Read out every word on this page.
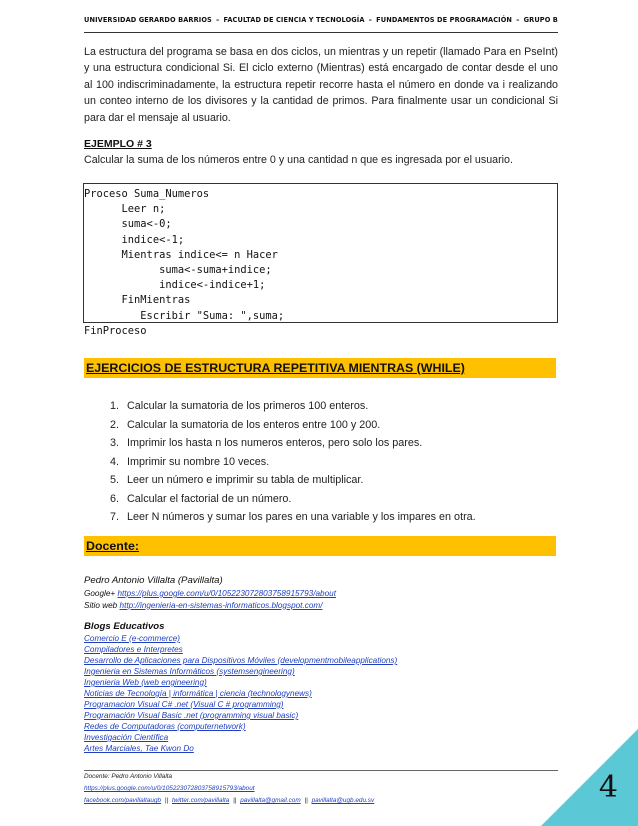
UNIVERSIDAD GERARDO BARRIOS – FACULTAD DE CIENCIA Y TECNOLOGÍA – FUNDAMENTOS DE PROGRAMACIÓN – GRUPO B

La estructura del programa se basa en dos ciclos, un mientras y un repetir (llamado Para en PseInt) y una estructura condicional Si. El ciclo externo (Mientras) está encargado de contar desde el uno al 100 indiscriminadamente, la estructura repetir recorre hasta el número en donde va i realizando un conteo interno de los divisores y la cantidad de primos. Para finalmente usar un condicional Si para dar el mensaje al usuario.

EJEMPLO # 3
Calcular la suma de los números entre 0 y una cantidad n que es ingresada por el usuario.
Proceso Suma_Numeros
Leer n;
suma<-0;
indice<-1;
Mientras indice<= n Hacer
suma<-suma+indice;
indice<-indice+1;
FinMientras
Escribir "Suma: ",suma;
FinProceso
EJERCICIOS DE ESTRUCTURA REPETITIVA MIENTRAS (WHILE)
1. Calcular la sumatoria de los primeros 100 enteros.
2. Calcular la sumatoria de los enteros entre 100 y 200.
3. Imprimir los hasta n los numeros enteros, pero solo los pares.
4. Imprimir su nombre 10 veces.
5. Leer un número e imprimir su tabla de multiplicar.
6. Calcular el factorial de un número.
7. Leer N números y sumar los pares en una variable y los impares en otra.
Docente:
Pedro Antonio Villalta (Pavillalta)
Google+ https://plus.google.com/u/0/105223072803758915793/about
Sitio web http://ingenieria-en-sistemas-informaticos.blogspot.com/
Blogs Educativos
Comercio E (e-commerce)
Compiladores e Interpretes
Desarrollo de Aplicaciones para Dispositivos Móviles (developmentmobileapplications)
Ingenieria en Sistemas Informáticos (systemsengineering)
Ingenieria Web (web engineering)
Noticias de Tecnología | informática | ciencia (technologynews)
Programacion Visual C# .net (Visual C # programming)
Programación Visual Basic .net (programming visual basic)
Redes de Computadoras (computernetwork)
Investigación Científica
Artes Marciales, Tae Kwon Do
Docente: Pedro Antonio Villalta
https://plus.google.com/u/0/105223072803758915793/about
facebook.com/pavillaltaugb || twitter.com/pavillalta || pavillalta@gmail.com || pavillalta@ugb.edu.sv	4
